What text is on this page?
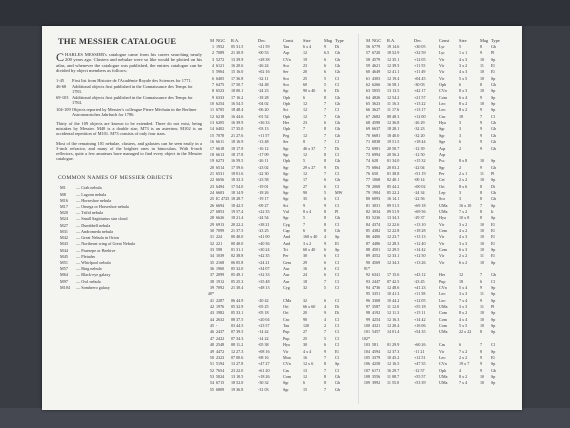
THE MESSIER CATALOGUE
CHARLES MESSIER's catalogue came from his career searching nearly 200 years ago. Clusters and nebulae were so like would be plotted on his atlas, and whenever the catalogue was published, the entries catalogue can be divided by object members as follows:
1-45	First list from Histoire de l'Académie Royale des Sciences for 1771.
46-68	Additional objects first published in the Connaissance des Temps for 1783.
69-103 Additional objects first published in the Connaissance des Temps for 1784.
104-109 Objects reported by Messier's colleague Pierre Méchain in the Berliner Astronomisches Jahrbuch for 1786.
Thirty of the 109 objects are known to be extended. Three do not exist, being mistakes by Messier. M40 is a double star; M73 is an asterism; M102 is an accidental repetition of M101. M73 consists of only four stars.
Most of the remaining 101 nebulae, clusters, and galaxies can be seen easily in a 3-inch refractor, and many of the brighter ones in binoculars. With 6-inch reflectors, quite a few amateurs have managed to find every object in the Messier catalogue.
COMMON NAMES OF MESSIER OBJECTS
M1	— Crab nebula
M8	— Lagoon nebula
M16	— Horseshoe nebula
M17	— Omega or Horseshoe nebula
M20	— Trifid nebula
M24	— Small Sagittarius star cloud
M27	— Dumbbell nebula
M31	— Andromeda nebula
M42	— Great Nebula in Orion
M43	— Northeast wing of Great Nebula
M44	— Praesepe or Beehive
M45	— Pleiades
M51	— Whirlpool nebula
M57	— Ring nebula
M64	— Black-eye galaxy
M97	— Owl nebula
M104	— Sombrero galaxy
M NGC R.A.	Dec.	Const Size	Mag Type	M NGC R.A.	Dec.	Const Size	Mag Type
1 1952	05 31.5	+21 59	Tau	6 x 4	9	Di
2 7089	21 30.9	-00 53	Aqr	12	6.5	Gb
3 5272	13 39.9	+28 38	CVn	19	6	Gb
4 6121	16 20.6	-26 24	Sco	23	6	Gb
5 5904	15 16.0	+02 16	Ser	20	6	Gb
6 6405	17 36.8	-32 11	Sco	25	5	Cl
7 6475	17 50.7	-34 48	Sco	60	5	Cl
8 6523	18 00.1	-24 23	Sgr	90 x 40	6	Di
9 6333	17 16.2	-18 28	Oph	6	8	Gb
10 6254	16 54.5	-04 02	Oph	12	7	Gb
11 6705	18 48.4	-06 20	Sct	12	7	Cl
12 6218	16 44.6	-01 52	Oph	12	7	Gb
13 6205	16 39.9	+36 33	Her	23	6	Gb
14 6402	17 35.0	-03 13	Oph	7	8	Gb
15 7078	21 27.6	+11 57	Peg	12	7	Gb
16 6611	18 16.9	-13 48	Ser	8	7	Cl
17 6618	18 17.9	-16 12	Sgr	46 x 37	7	Di
18 6613	18 17.8	-17 09	Sgr	12	8	Cl
19 6273	16 59.5	-26 11	Oph	5	8	Gb
20 6514	17 59.6	-23 02	Sgr	29 x 27	9	Di
21 6531	18 01.6	-22 30	Sgr	12	7	Cl
22 6656	18 33.3	-23 58	Sgr	17	6	Gb
23 6494	17 54.0	-19 01	Sgr	27	6	Cl
24 6603	18 14.9	-18 26	Sgr	90	5	MW
25 IC 4725 18 28.7	-19 17	Sgr	35	6	Cl
26 6694	18 42.5	-09 27	Sct	9	9	Cl
27 6853	19 57.4	+22 35	Vul	8 x 4	8	Pl
28 6626	18 21.4	-24 54	Sgr	5	8	Gb
29 6913	20 22.2	+38 21	Cyg	7	8	Cl
30 7099	21 37.5	-23 25	Cap	6	8	Gb
31 224	00 40.0	+41 00	And	160 x 40	4	Sp
32 221	00 40.0	+40 36	And	3 x 2	9	El
33 598	01 31.1	+30 24	Tri	60 x 40	6	Sp
34 1039	02 38.8	+42 35	Per	30	6	Cl
35 2168	06 05.8	+24 21	Gem	29	6	Cl
36 1960	05 32.0	+34 07	Aur	16	6	Cl
37 2099	05 49.1	+32 33	Aur	24	6	Cl
38 1912	05 25.3	+35 48	Aur	18	7	Cl
39 7092	21 30.4	+48 13	Cyg	32	5	Cl
40*
41 2287	06 44.9	-20 42	CMa	32	6	Cl
42 1976	05 32.9	-05 25	Ori	66 x 60	4	Di
43 1982	05 33.1	-05 18	Ori	20	9	Di
44 2632	08 37.5	+20 04	Cnc	90	4	Cl
45 -	03 44.5	+23 57	Tau	120	2	Cl
46 2437	07 39.5	-14 42	Pup	27	7	Cl
47 2422	07 34.3	-14 22	Pup	25	5	Cl
48 2548	08 11.2	-05 38	Hya	30	6	Cl
49 4472	12 27.3	+08 16	Vir	4 x 4	9	El
50 2323	07 00.6	-08 16	Mon	16	7	Cl
51 5194	13 27.8	+47 27	CVn	12 x 6	8	Sp
52 7654	23 22.0	+61 20	Cas	13	7	Cl
53 5024	13 10.5	+18 26	Com	12	8	Gb
54 6715	18 52.0	-30 32	Sgr	6	8	Gb
55 6809	19 36.8	-31 03	Sgr	15	7	Gb
56 6779	19 14.6	+30 05	Lyr	5	8	Gb
57 6720	18 52.9	+32 59	Lyr	1 x 1	9	Pl
58 4579	12 35.1	+12 05	Vir	4 x 3	10	Sp
59 4621	12 39.5	+11 55	Vir	3 x 2	11	El
60 4649	12 41.1	+11 49	Vir	4 x 3	10	El
61 4303	12 19.4	+04 45	Vir	5 x 5	10	Sp
62 6266	16 58.1	-30 03	Oph	6	8	Gb
63 5055	13 13.5	+42 17	CVn	8 x 3	10	Sp
64 4826	12 54.2	+21 57	Com	6 x 4	9	Sp
65 3623	11 16.3	+13 22	Leo	8 x 2	10	Sp
66 3627	11 17.6	+13 17	Leo	8 x 2	9	Sp
67 2682	08 48.3	+12 00	Cnc	18	7	Cl
68 4590	12 36.8	-26 29	Hya	3	9	Gb
69 6637	18 28.1	-32 23	Sgr	3	9	Gb
70 6681	18 40.0	-32 20	Sgr	3	9	Gb
71 6838	19 51.5	+18 44	Sge	6	9	Gb
72 6981	20 50.7	-12 39	Aqr	2	9	Gb
73 6994	20 56.2	-12 50	Aqr
74 628	01 34.0	+15 32	Psc	8 x 8	10	Sp
75 6864	20 03.2	-22 04	Sgr	2	9	Gb
76 650	01 38.8	+51 19	Per	2 x 1	11	Pl
77 1068	02 40.1	-00 14	Cet	2 x 2	10	Sp
78 2068	05 44.2	+00 02	Ori	8 x 6	8	Di
79 1904	05 22.2	-24 34	Lep	3	8	Gb
80 6093	16 14.1	-22 56	Sco	3	8	Gb
81 3031	09 51.5	+69 18	UMa	16 x 10	7	Sp
82 3034	09 51.9	+69 56	UMa	7 x 2	8	Ir
83 5236	13 34.3	-29 37	Hya	10 x 8	8	Sp
84 4374	12 22.6	+13 10	Vir	3 x 2	10	El
85 4382	12 22.8	+18 28	Com	4 x 2	10	El
86 4406	12 23.7	+13 13	Vir	4 x 3	10	El
87 4486	12 28.3	+12 40	Vir	3 x 3	10	El
88 4501	12 29.5	+14 42	Com	6 x 3	10	Sp
89 4552	12 33.1	+12 50	Vir	2 x 2	11	El
90 4569	12 34.3	+13 26	Vir	6 x 2	10	Sp
91*
92 6341	17 15.6	+43 12	Her	12	7	Gb
93 2447	07 42.5	-23 45	Pup	18	6	Cl
94 4736	12 48.6	+41 23	CVn	5 x 4	9	Sp
95 3351	10 41.3	+11 58	Leo	3 x 3	11	Sp
96 3368	10 44.2	+12 05	Leo	7 x 4	9	Sp
97 3587	11 12.0	+55 18	UMa	3 x 3	11	Pl
98 4192	12 11.3	+15 11	Com	8 x 2	10	Sp
99 4254	12 16.3	+14 42	Com	4 x 4	10	Sp
100 4321	12 20.4	+16 06	Com	5 x 5	10	Sp
101 5457	14 01.4	+54 35	UMa	22 x 22	8	Sp
102*
103 581	01 29.9	+60 26	Cas	6	7	Cl
104 4594	12 37.3	-11 21	Vir	7 x 2	8	Sp
105 3379	10 45.2	+12 51	Leo	2 x 2	9	El
106 4258	12 16.5	+47 35	CVn	19 x 7	9	Sp
107 6171	16 29.7	-12 57	Oph	4	9	Gb
108 3556	11 08.7	+55 57	UMa	8 x 2	10	Sp
109 3992	11 55.0	+53 39	UMa	7 x 4	10	Sp
